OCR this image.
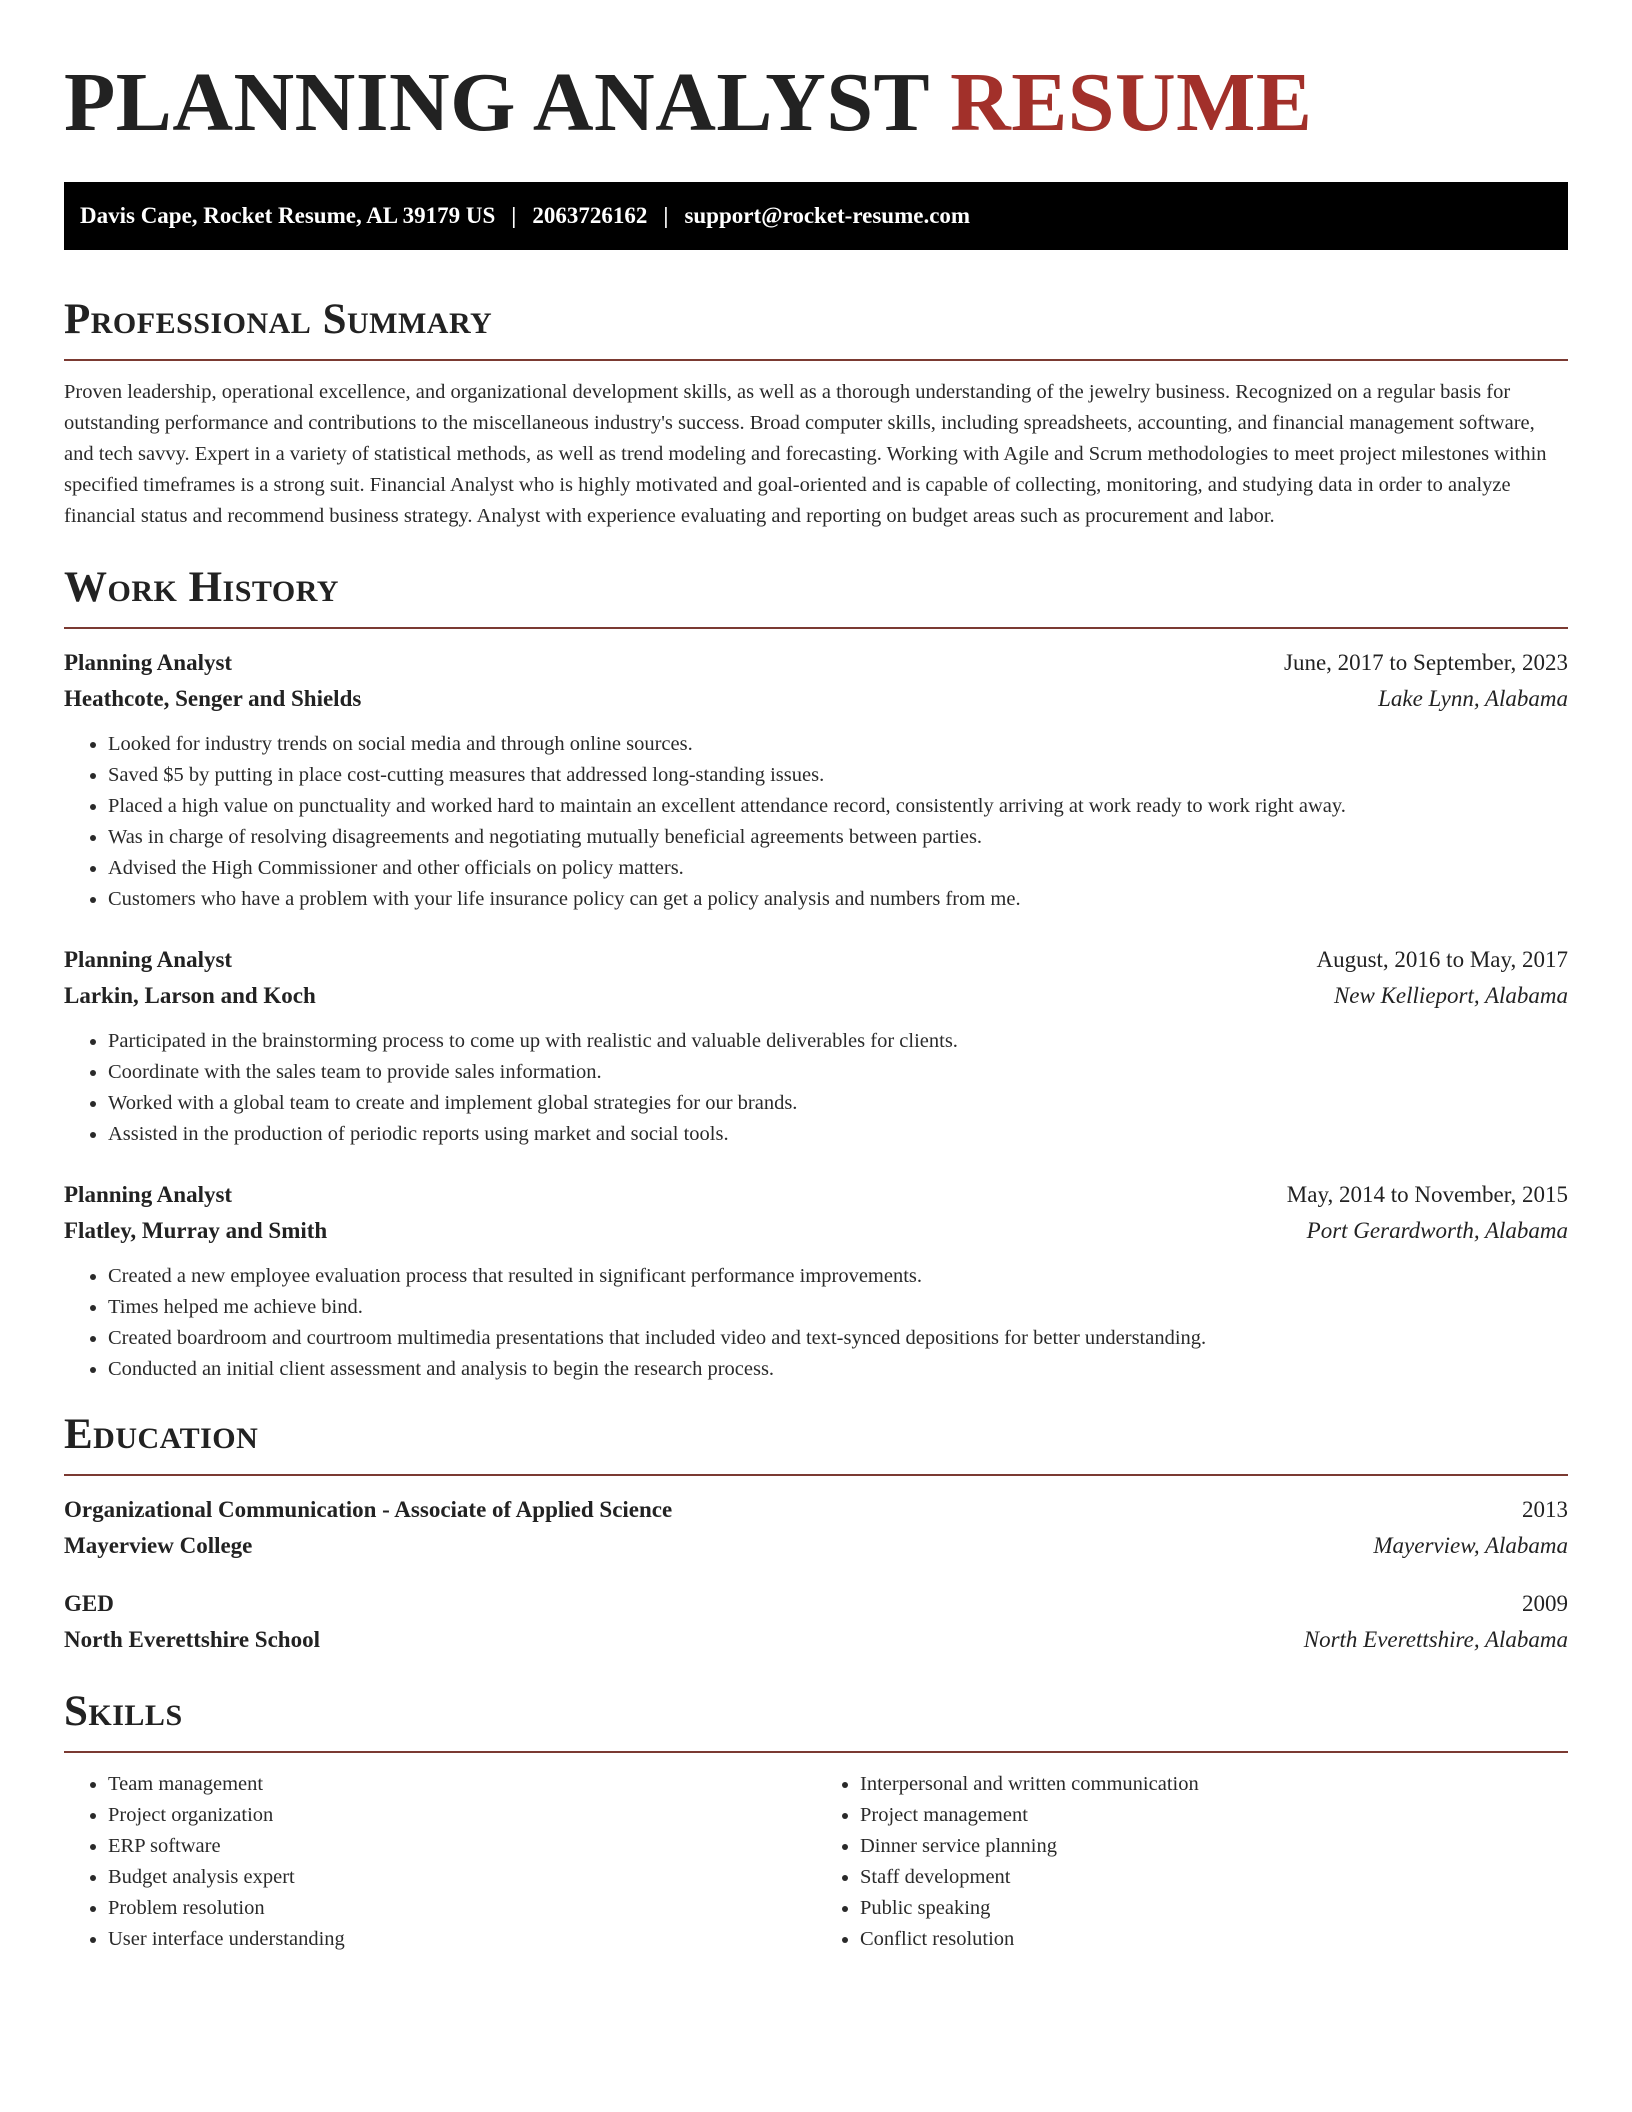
PLANNING ANALYST RESUME
Davis Cape, Rocket Resume, AL 39179 US | 2063726162 | support@rocket-resume.com
Professional Summary

Proven leadership, operational excellence, and organizational development skills, as well as a thorough understanding of the jewelry business. Recognized on a regular basis for outstanding performance and contributions to the miscellaneous industry's success. Broad computer skills, including spreadsheets, accounting, and financial management software, and tech savvy. Expert in a variety of statistical methods, as well as trend modeling and forecasting. Working with Agile and Scrum methodologies to meet project milestones within specified timeframes is a strong suit. Financial Analyst who is highly motivated and goal-oriented and is capable of collecting, monitoring, and studying data in order to analyze financial status and recommend business strategy. Analyst with experience evaluating and reporting on budget areas such as procurement and labor.

Work History
Planning Analyst	June, 2017 to September, 2023
Heathcote, Senger and Shields	Lake Lynn, Alabama
• Looked for industry trends on social media and through online sources.
• Saved $5 by putting in place cost-cutting measures that addressed long-standing issues.
• Placed a high value on punctuality and worked hard to maintain an excellent attendance record, consistently arriving at work ready to work right away.
• Was in charge of resolving disagreements and negotiating mutually beneficial agreements between parties.
• Advised the High Commissioner and other officials on policy matters.
• Customers who have a problem with your life insurance policy can get a policy analysis and numbers from me.
Planning Analyst	August, 2016 to May, 2017
Larkin, Larson and Koch	New Kellieport, Alabama
• Participated in the brainstorming process to come up with realistic and valuable deliverables for clients.
• Coordinate with the sales team to provide sales information.
• Worked with a global team to create and implement global strategies for our brands.
• Assisted in the production of periodic reports using market and social tools.
Planning Analyst	May, 2014 to November, 2015
Flatley, Murray and Smith	Port Gerardworth, Alabama
• Created a new employee evaluation process that resulted in significant performance improvements.
• Times helped me achieve bind.
• Created boardroom and courtroom multimedia presentations that included video and text-synced depositions for better understanding.
• Conducted an initial client assessment and analysis to begin the research process.
Education
Organizational Communication - Associate of Applied Science	2013
Mayerview College	Mayerview, Alabama
GED	2009
North Everettshire School	North Everettshire, Alabama
Skills
• Team management
• Project organization
• ERP software
• Budget analysis expert
• Problem resolution
• User interface understanding
• Interpersonal and written communication
• Project management
• Dinner service planning
• Staff development
• Public speaking
• Conflict resolution
